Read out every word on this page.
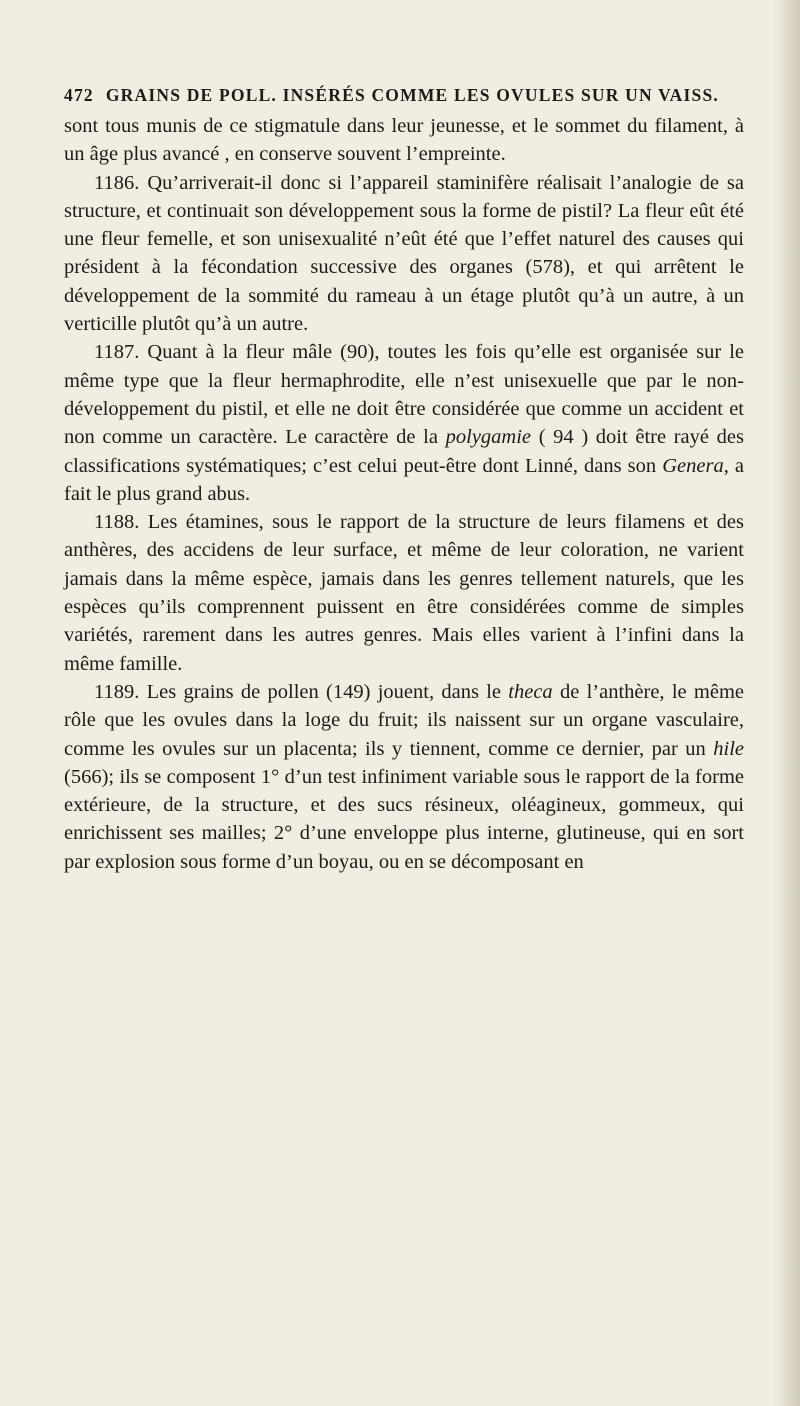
472 GRAINS DE POLL. INSÉRÉS COMME LES OVULES SUR UN VAISS.

sont tous munis de ce stigmatule dans leur jeunesse, et le sommet du filament, à un âge plus avancé , en conserve souvent l’empreinte.

1186. Qu’arriverait-il donc si l’appareil staminifère réalisait l’analogie de sa structure, et continuait son développement sous la forme de pistil? La fleur eût été une fleur femelle, et son unisexualité n’eût été que l’effet naturel des causes qui président à la fécondation successive des organes (578), et qui arrêtent le développement de la sommité du rameau à un étage plutôt qu’à un autre, à un verticille plutôt qu’à un autre.

1187. Quant à la fleur mâle (90), toutes les fois qu’elle est organisée sur le même type que la fleur hermaphrodite, elle n’est unisexuelle que par le non-développement du pistil, et elle ne doit être considérée que comme un accident et non comme un caractère. Le caractère de la polygamie ( 94 ) doit être rayé des classifications systématiques; c’est celui peut-être dont Linné, dans son Genera, a fait le plus grand abus.

1188. Les étamines, sous le rapport de la structure de leurs filamens et des anthères, des accidens de leur surface, et même de leur coloration, ne varient jamais dans la même espèce, jamais dans les genres tellement naturels, que les espèces qu’ils comprennent puissent en être considérées comme de simples variétés, rarement dans les autres genres. Mais elles varient à l’infini dans la même famille.

1189. Les grains de pollen (149) jouent, dans le theca de l’anthère, le même rôle que les ovules dans la loge du fruit; ils naissent sur un organe vasculaire, comme les ovules sur un placenta; ils y tiennent, comme ce dernier, par un hile (566); ils se composent 1° d’un test infiniment variable sous le rapport de la forme extérieure, de la structure, et des sucs résineux, oléagineux, gommeux, qui enrichissent ses mailles; 2° d’une enveloppe plus interne, glutineuse, qui en sort par explosion sous forme d’un boyau, ou en se décomposant en
